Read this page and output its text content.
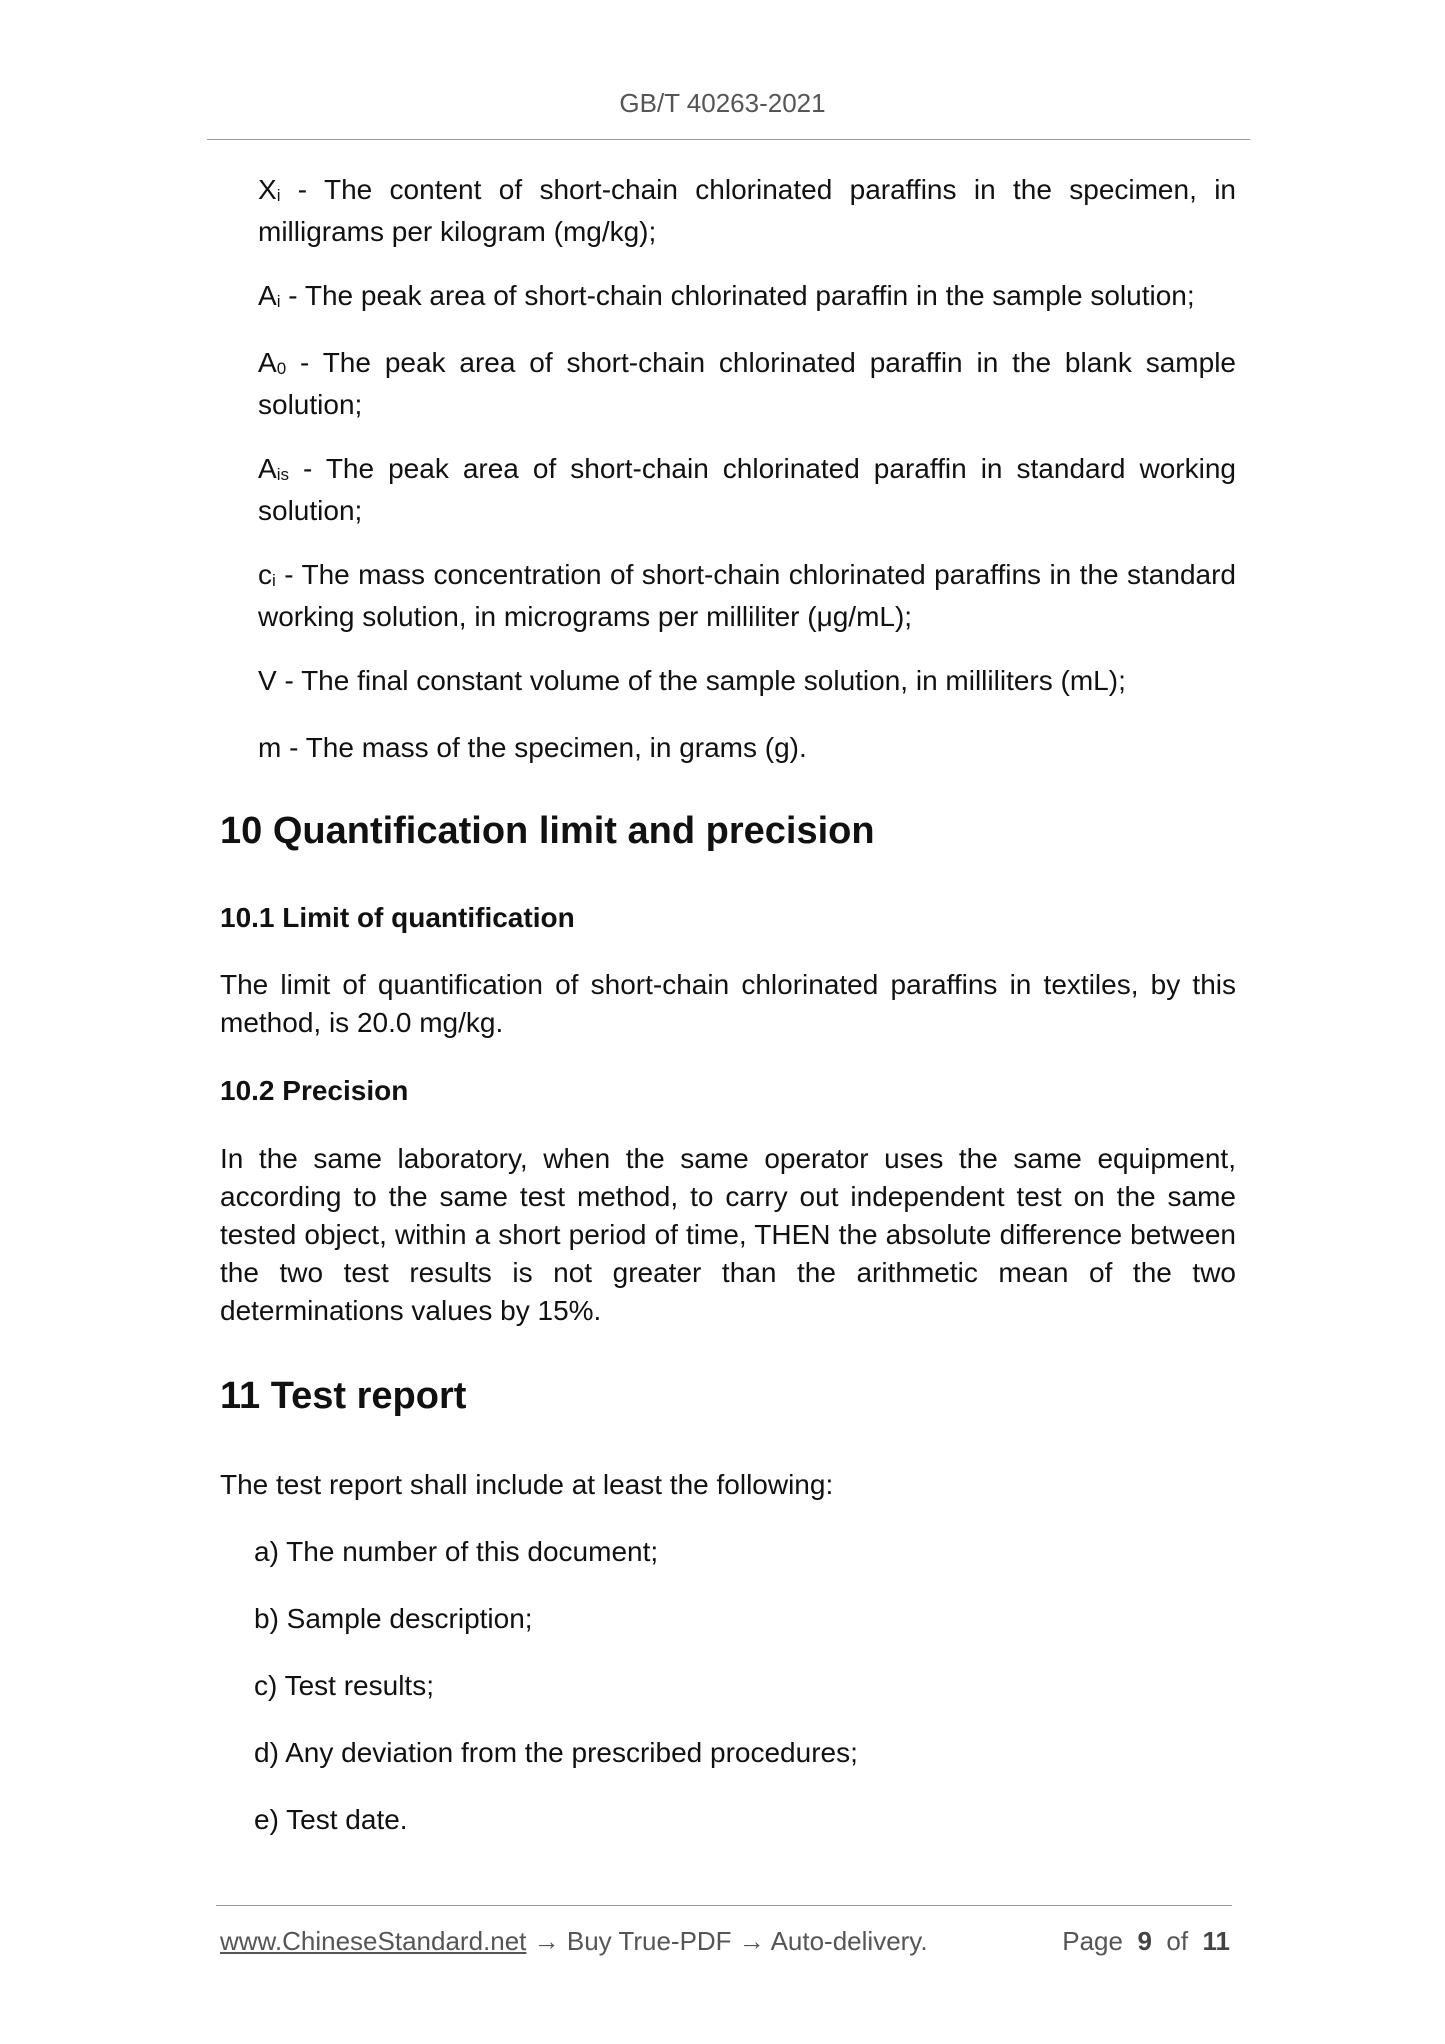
GB/T 40263-2021

$X_i$ - The content of short-chain chlorinated paraffins in the specimen, in milligrams per kilogram (mg/kg);

$A_i$ - The peak area of short-chain chlorinated paraffin in the sample solution;

$A_0$ - The peak area of short-chain chlorinated paraffin in the blank sample solution;

$A_{is}$ - The peak area of short-chain chlorinated paraffin in standard working solution;

$c_i$ - The mass concentration of short-chain chlorinated paraffins in the standard working solution, in micrograms per milliliter (μg/mL);

V - The final constant volume of the sample solution, in milliliters (mL);

m - The mass of the specimen, in grams (g).

10 Quantification limit and precision
10.1 Limit of quantification

The limit of quantification of short-chain chlorinated paraffins in textiles, by this method, is 20.0 mg/kg.

10.2 Precision

In the same laboratory, when the same operator uses the same equipment, according to the same test method, to carry out independent test on the same tested object, within a short period of time, THEN the absolute difference between the two test results is not greater than the arithmetic mean of the two determinations values by 15%.

11 Test report

The test report shall include at least the following:

a) The number of this document;

b) Sample description;

c) Test results;

d) Any deviation from the prescribed procedures;

e) Test date.

www.ChineseStandard.net → Buy True-PDF → Auto-delivery.	Page 9 of 11
